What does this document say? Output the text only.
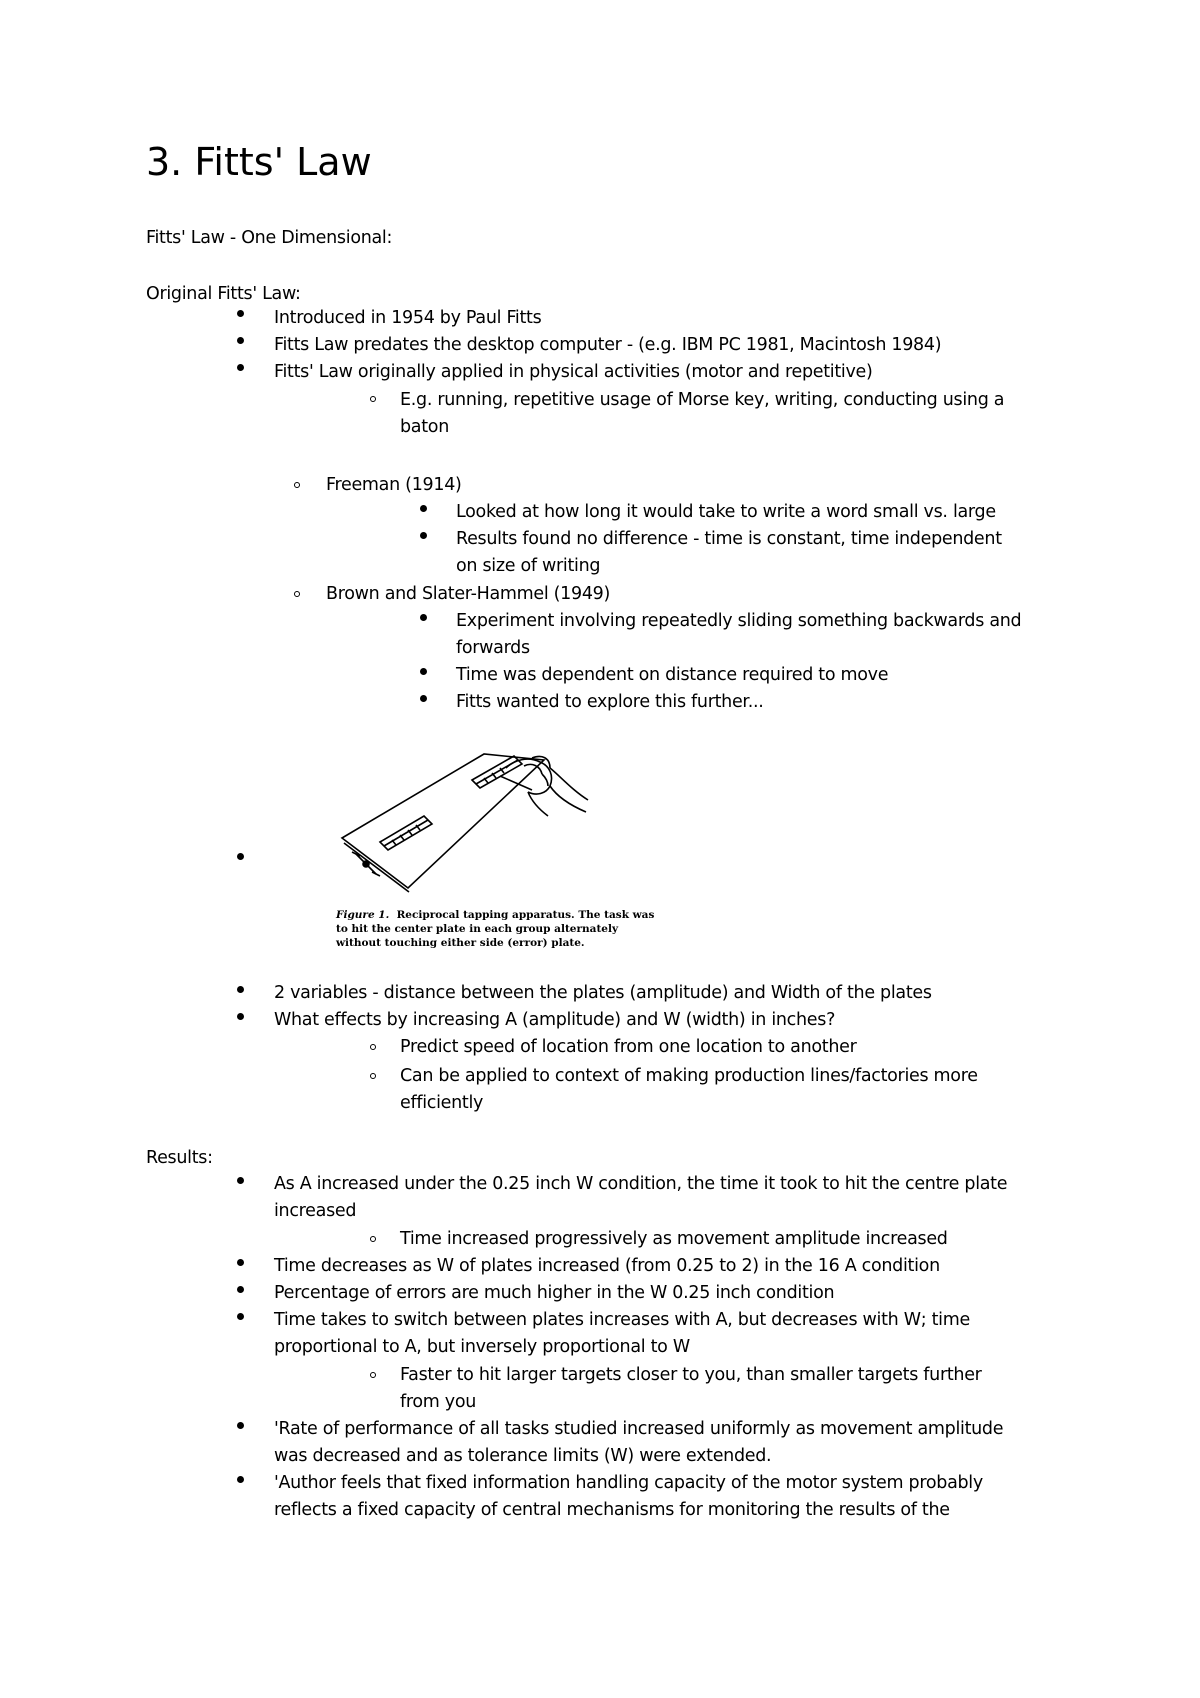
3. Fitts' Law
Fitts' Law - One Dimensional:
Original Fitts' Law:
Introduced in 1954 by Paul Fitts
Fitts Law predates the desktop computer - (e.g. IBM PC 1981, Macintosh 1984)
Fitts' Law originally applied in physical activities (motor and repetitive)
E.g. running, repetitive usage of Morse key, writing, conducting using a
baton
Freeman (1914)
Looked at how long it would take to write a word small vs. large
Results found no difference - time is constant, time independent
on size of writing
Brown and Slater-Hammel (1949)
Experiment involving repeatedly sliding something backwards and
forwards
Time was dependent on distance required to move
Fitts wanted to explore this further...
Figure 1. Reciprocal tapping apparatus. The task was to hit the center plate in each group alternately without touching either side (error) plate.
2 variables - distance between the plates (amplitude) and Width of the plates
What effects by increasing A (amplitude) and W (width) in inches?
Predict speed of location from one location to another
Can be applied to context of making production lines/factories more
efficiently
Results:
As A increased under the 0.25 inch W condition, the time it took to hit the centre plate
increased
Time increased progressively as movement amplitude increased
Time decreases as W of plates increased (from 0.25 to 2) in the 16 A condition
Percentage of errors are much higher in the W 0.25 inch condition
Time takes to switch between plates increases with A, but decreases with W; time
proportional to A, but inversely proportional to W
Faster to hit larger targets closer to you, than smaller targets further
from you
'Rate of performance of all tasks studied increased uniformly as movement amplitude
was decreased and as tolerance limits (W) were extended.
'Author feels that fixed information handling capacity of the motor system probably
reflects a fixed capacity of central mechanisms for monitoring the results of the
